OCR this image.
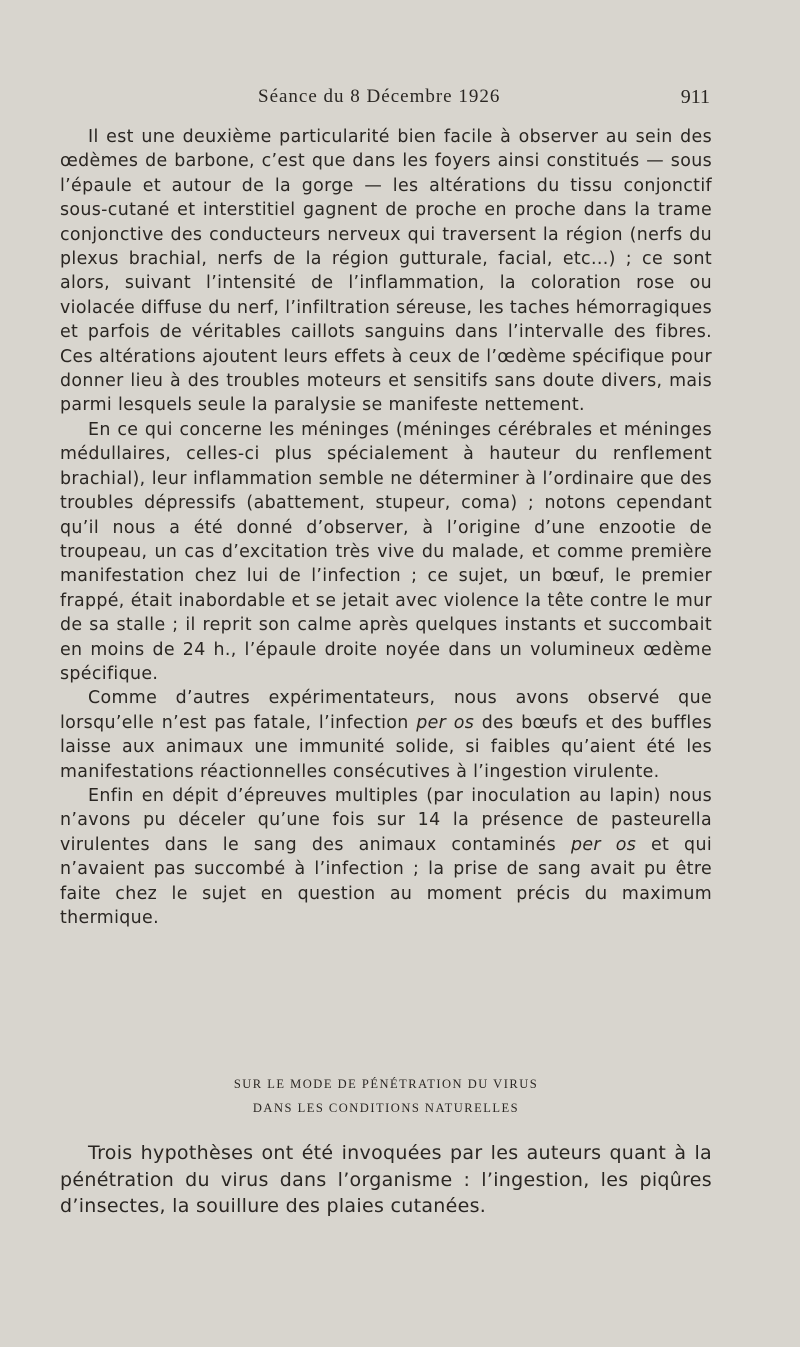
Séance du 8 Décembre 1926	911

Il est une deuxième particularité bien facile à observer au sein des œdèmes de barbone, c’est que dans les foyers ainsi constitués — sous l’épaule et autour de la gorge — les altérations du tissu conjonctif sous-cutané et interstitiel gagnent de proche en proche dans la trame conjonctive des conducteurs nerveux qui traversent la région (nerfs du plexus brachial, nerfs de la région gutturale, facial, etc...) ; ce sont alors, suivant l’intensité de l’inflammation, la coloration rose ou violacée diffuse du nerf, l’infiltration séreuse, les taches hémorragiques et parfois de véritables caillots sanguins dans l’intervalle des fibres. Ces altérations ajoutent leurs effets à ceux de l’œdème spécifique pour donner lieu à des troubles moteurs et sensitifs sans doute divers, mais parmi lesquels seule la paralysie se manifeste nettement.

En ce qui concerne les méninges (méninges cérébrales et méninges médullaires, celles-ci plus spécialement à hauteur du renflement brachial), leur inflammation semble ne déterminer à l’ordinaire que des troubles dépressifs (abattement, stupeur, coma) ; notons cependant qu’il nous a été donné d’observer, à l’origine d’une enzootie de troupeau, un cas d’excitation très vive du malade, et comme première manifestation chez lui de l’infection ; ce sujet, un bœuf, le premier frappé, était inabordable et se jetait avec violence la tête contre le mur de sa stalle ; il reprit son calme après quelques instants et succombait en moins de 24 h., l’épaule droite noyée dans un volumineux œdème spécifique.

Comme d’autres expérimentateurs, nous avons observé que lorsqu’elle n’est pas fatale, l’infection per os des bœufs et des buffles laisse aux animaux une immunité solide, si faibles qu’aient été les manifestations réactionnelles consécutives à l’ingestion virulente.

Enfin en dépit d’épreuves multiples (par inoculation au lapin) nous n’avons pu déceler qu’une fois sur 14 la présence de pasteurella virulentes dans le sang des animaux contaminés per os et qui n’avaient pas succombé à l’infection ; la prise de sang avait pu être faite chez le sujet en question au moment précis du maximum thermique.

SUR LE MODE DE PÉNÉTRATION DU VIRUS
DANS LES CONDITIONS NATURELLES

Trois hypothèses ont été invoquées par les auteurs quant à la pénétration du virus dans l’organisme : l’ingestion, les piqûres d’insectes, la souillure des plaies cutanées.
